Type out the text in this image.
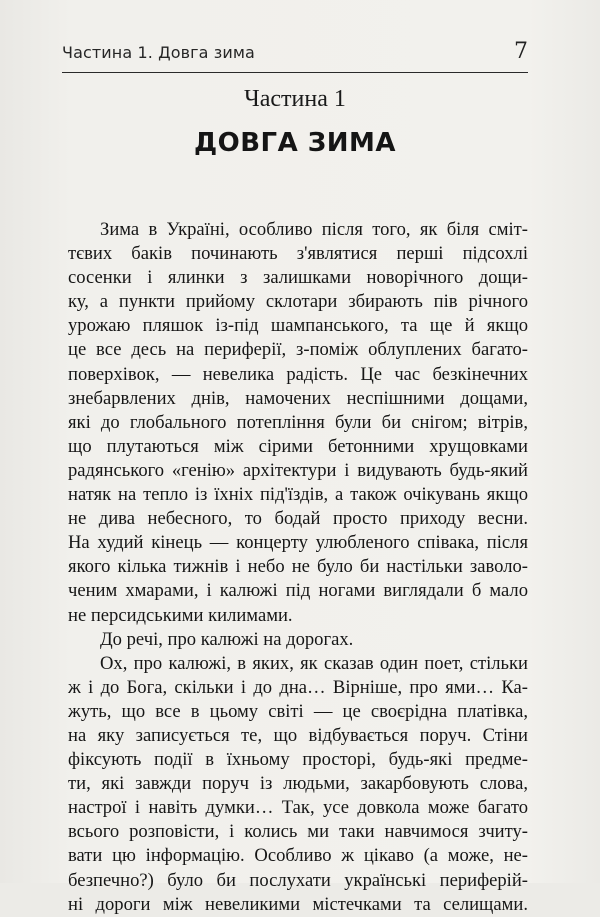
Частина 1. Довга зима	7
Частина 1
ДОВГА ЗИМА
Зима в Україні, особливо після того, як біля сміт-
тєвих баків починають з'являтися перші підсохлі
сосенки і ялинки з залишками новорічного дощи-
ку, а пункти прийому склотари збирають пів річного
урожаю пляшок із-під шампанського, та ще й якщо
це все десь на периферії, з-поміж облуплених багато-
поверхівок, — невелика радість. Це час безкінечних
знебарвлених днів, намочених неспішними дощами,
які до глобального потепління були би снігом; вітрів,
що плутаються між сірими бетонними хрущовками
радянського «генію» архітектури і видувають будь-який
натяк на тепло із їхніх під'їздів, а також очікувань якщо
не дива небесного, то бодай просто приходу весни.
На худий кінець — концерту улюбленого співака, після
якого кілька тижнів і небо не було би настільки заволо-
ченим хмарами, і калюжі під ногами виглядали б мало
не персидськими килимами.
До речі, про калюжі на дорогах.
Ох, про калюжі, в яких, як сказав один поет, стільки
ж і до Бога, скільки і до дна… Вірніше, про ями… Ка-
жуть, що все в цьому світі — це своєрідна платівка,
на яку записується те, що відбувається поруч. Стіни
фіксують події в їхньому просторі, будь-які предме-
ти, які завжди поруч із людьми, закарбовують слова,
настрої і навіть думки… Так, усе довкола може багато
всього розповісти, і колись ми таки навчимося зчиту-
вати цю інформацію. Особливо ж цікаво (а може, не-
безпечно?) було би послухати українські периферій-
ні дороги між невеликими містечками та селищами.
